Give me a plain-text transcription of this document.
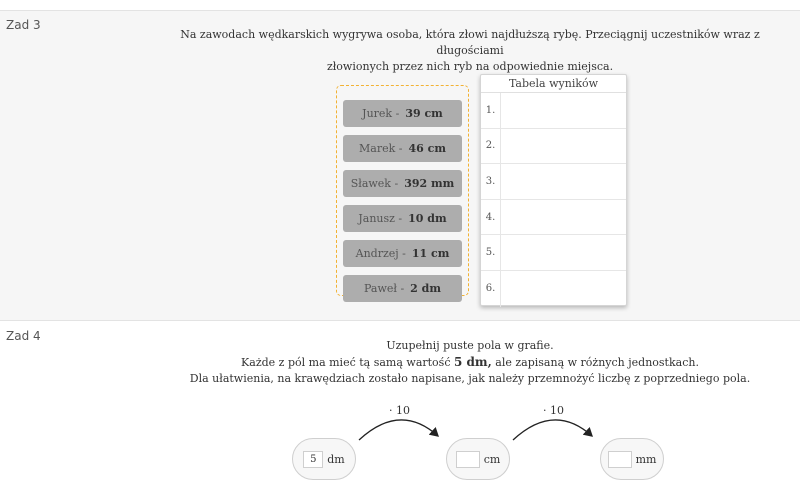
Zad 3
Na zawodach wędkarskich wygrywa osoba, która złowi najdłuższą rybę. Przeciągnij uczestników wraz z długościami
złowionych przez nich ryb na odpowiednie miejsca.
Jurek - 39 cm
Marek - 46 cm
Sławek - 392 mm
Janusz - 10 dm
Andrzej - 11 cm
Paweł - 2 dm
Tabela wyników
1.
2.
3.
4.
5.
6.
Zad 4
Uzupełnij puste pola w grafie.
Każde z pól ma mieć tą samą wartość 5 dm, ale zapisaną w różnych jednostkach.
Dla ułatwienia, na krawędziach zostało napisane, jak należy przemnożyć liczbę z poprzedniego pola.
· 10	· 10
5 dm	cm	mm
